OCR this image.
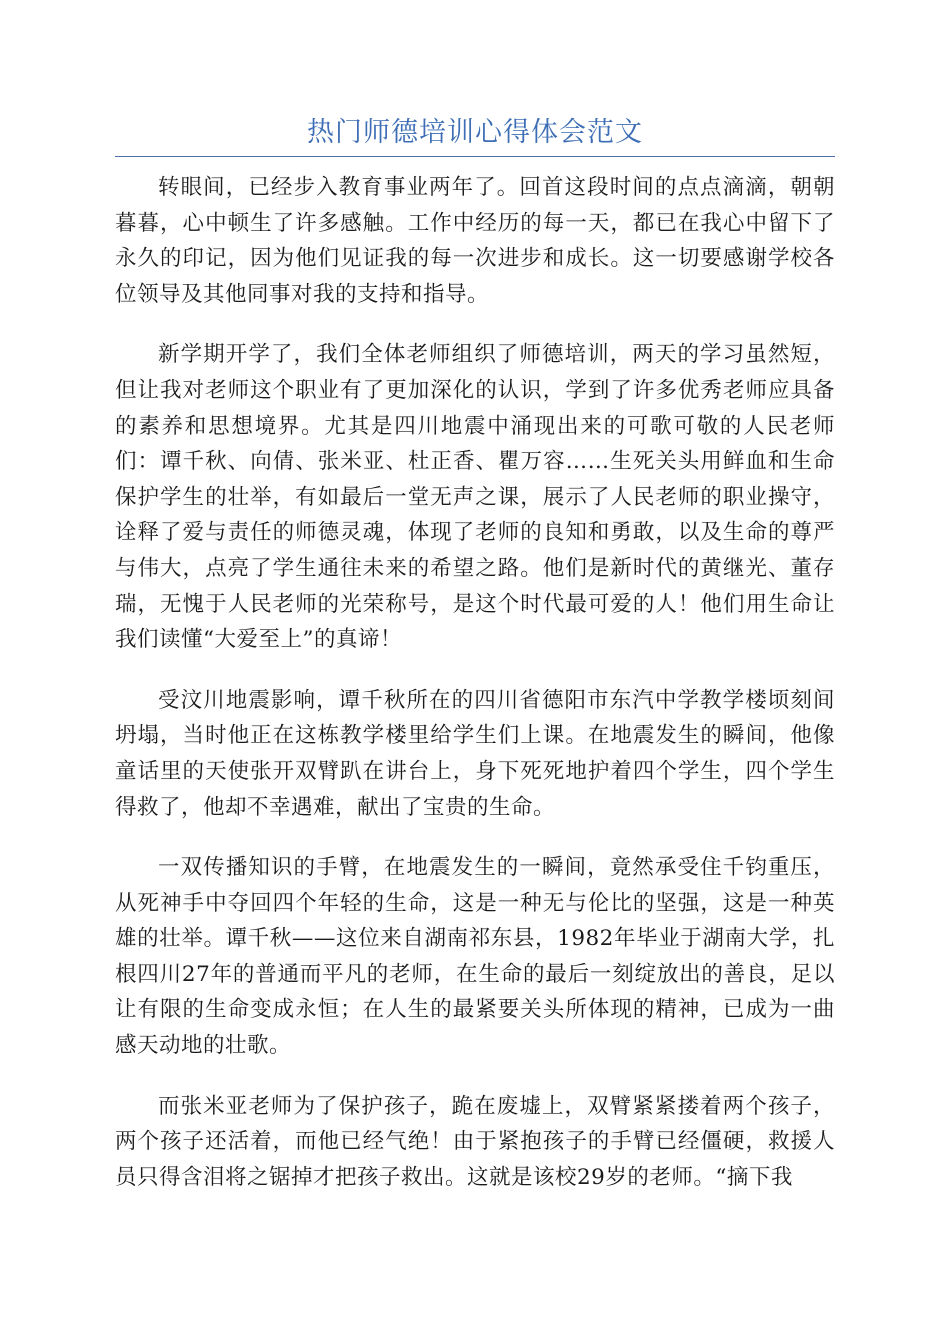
热门师德培训心得体会范文

转眼间，已经步入教育事业两年了。回首这段时间的点点滴滴，朝朝暮暮，心中顿生了许多感触。工作中经历的每一天，都已在我心中留下了永久的印记，因为他们见证我的每一次进步和成长。这一切要感谢学校各位领导及其他同事对我的支持和指导。

新学期开学了，我们全体老师组织了师德培训，两天的学习虽然短，但让我对老师这个职业有了更加深化的认识，学到了许多优秀老师应具备的素养和思想境界。尤其是四川地震中涌现出来的可歌可敬的人民老师们：谭千秋、向倩、张米亚、杜正香、瞿万容……生死关头用鲜血和生命保护学生的壮举，有如最后一堂无声之课，展示了人民老师的职业操守，诠释了爱与责任的师德灵魂，体现了老师的良知和勇敢，以及生命的尊严与伟大，点亮了学生通往未来的希望之路。他们是新时代的黄继光、董存瑞，无愧于人民老师的光荣称号，是这个时代最可爱的人！他们用生命让我们读懂“大爱至上”的真谛！

受汶川地震影响，谭千秋所在的四川省德阳市东汽中学教学楼顷刻间坍塌，当时他正在这栋教学楼里给学生们上课。在地震发生的瞬间，他像童话里的天使张开双臂趴在讲台上，身下死死地护着四个学生，四个学生得救了，他却不幸遇难，献出了宝贵的生命。

一双传播知识的手臂，在地震发生的一瞬间，竟然承受住千钧重压，从死神手中夺回四个年轻的生命，这是一种无与伦比的坚强，这是一种英雄的壮举。谭千秋——这位来自湖南祁东县，1982年毕业于湖南大学，扎根四川27年的普通而平凡的老师，在生命的最后一刻绽放出的善良，足以让有限的生命变成永恒；在人生的最紧要关头所体现的精神，已成为一曲感天动地的壮歌。

而张米亚老师为了保护孩子，跪在废墟上，双臂紧紧搂着两个孩子，两个孩子还活着，而他已经气绝！由于紧抱孩子的手臂已经僵硬，救援人员只得含泪将之锯掉才把孩子救出。这就是该校29岁的老师。“摘下我
